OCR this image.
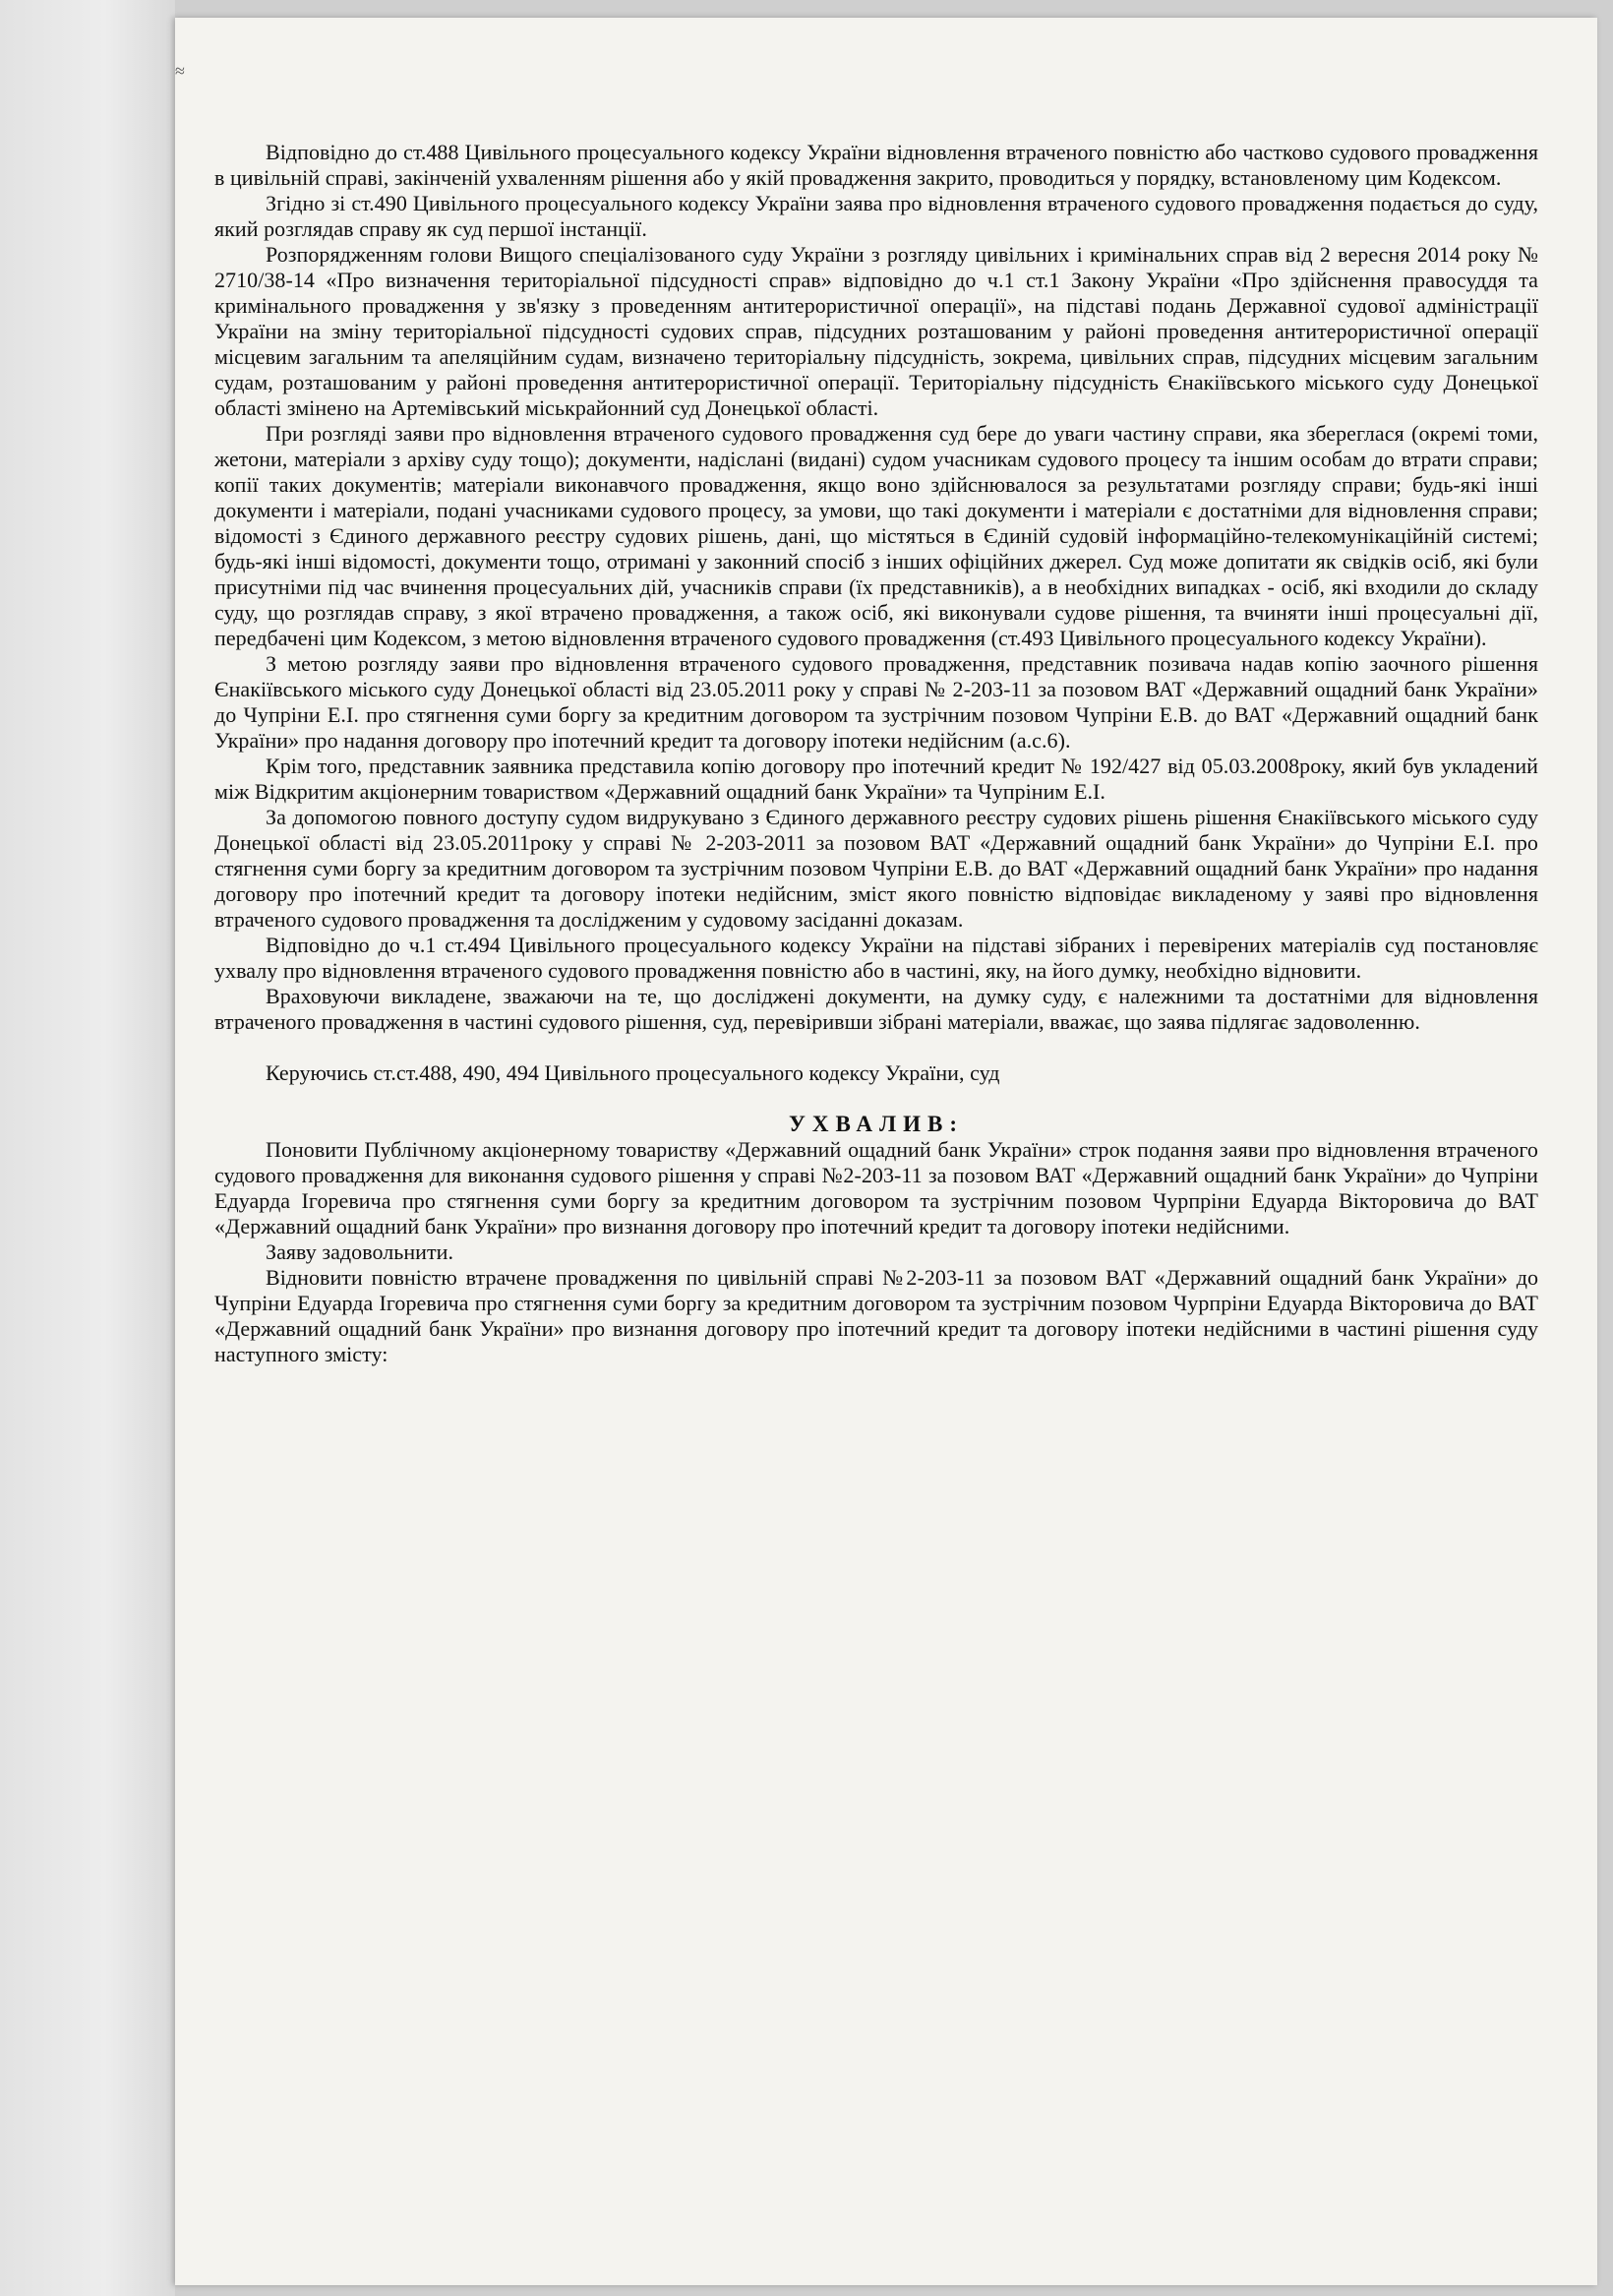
≈

Відповідно до ст.488 Цивільного процесуального кодексу України відновлення втраченого повністю або частково судового провадження в цивільній справі, закінченій ухваленням рішення або у якій провадження закрито, проводиться у порядку, встановленому цим Кодексом.

Згідно зі ст.490 Цивільного процесуального кодексу України заява про відновлення втраченого судового провадження подається до суду, який розглядав справу як суд першої інстанції.

Розпорядженням голови Вищого спеціалізованого суду України з розгляду цивільних і кримінальних справ від 2 вересня 2014 року № 2710/38-14 «Про визначення територіальної підсудності справ» відповідно до ч.1 ст.1 Закону України «Про здійснення правосуддя та кримінального провадження у зв'язку з проведенням антитерористичної операції», на підставі подань Державної судової адміністрації України на зміну територіальної підсудності судових справ, підсудних розташованим у районі проведення антитерористичної операції місцевим загальним та апеляційним судам, визначено територіальну підсудність, зокрема, цивільних справ, підсудних місцевим загальним судам, розташованим у районі проведення антитерористичної операції. Територіальну підсудність Єнакіївського міського суду Донецької області змінено на Артемівський міськрайонний суд Донецької області.

При розгляді заяви про відновлення втраченого судового провадження суд бере до уваги частину справи, яка збереглася (окремі томи, жетони, матеріали з архіву суду тощо); документи, надіслані (видані) судом учасникам судового процесу та іншим особам до втрати справи; копії таких документів; матеріали виконавчого провадження, якщо воно здійснювалося за результатами розгляду справи; будь-які інші документи і матеріали, подані учасниками судового процесу, за умови, що такі документи і матеріали є достатніми для відновлення справи; відомості з Єдиного державного реєстру судових рішень, дані, що містяться в Єдиній судовій інформаційно-телекомунікаційній системі; будь-які інші відомості, документи тощо, отримані у законний спосіб з інших офіційних джерел. Суд може допитати як свідків осіб, які були присутніми під час вчинення процесуальних дій, учасників справи (їх представників), а в необхідних випадках - осіб, які входили до складу суду, що розглядав справу, з якої втрачено провадження, а також осіб, які виконували судове рішення, та вчиняти інші процесуальні дії, передбачені цим Кодексом, з метою відновлення втраченого судового провадження (ст.493 Цивільного процесуального кодексу України).

З метою розгляду заяви про відновлення втраченого судового провадження, представник позивача надав копію заочного рішення Єнакіївського міського суду Донецької області від 23.05.2011 року у справі № 2-203-11 за позовом ВАТ «Державний ощадний банк України» до Чупріни Е.І. про стягнення суми боргу за кредитним договором та зустрічним позовом Чупріни Е.В. до ВАТ «Державний ощадний банк України» про надання договору про іпотечний кредит та договору іпотеки недійсним (а.с.6).

Крім того, представник заявника представила копію договору про іпотечний кредит № 192/427 від 05.03.2008року, який був укладений між Відкритим акціонерним товариством «Державний ощадний банк України» та Чупріним Е.І.

За допомогою повного доступу судом видрукувано з Єдиного державного реєстру судових рішень рішення Єнакіївського міського суду Донецької області від 23.05.2011року у справі № 2-203-2011 за позовом ВАТ «Державний ощадний банк України» до Чупріни Е.І. про стягнення суми боргу за кредитним договором та зустрічним позовом Чупріни Е.В. до ВАТ «Державний ощадний банк України» про надання договору про іпотечний кредит та договору іпотеки недійсним, зміст якого повністю відповідає викладеному у заяві про відновлення втраченого судового провадження та дослідженим у судовому засіданні доказам.

Відповідно до ч.1 ст.494 Цивільного процесуального кодексу України на підставі зібраних і перевірених матеріалів суд постановляє ухвалу про відновлення втраченого судового провадження повністю або в частині, яку, на його думку, необхідно відновити.

Враховуючи викладене, зважаючи на те, що досліджені документи, на думку суду, є належними та достатніми для відновлення втраченого провадження в частині судового рішення, суд, перевіривши зібрані матеріали, вважає, що заява підлягає задоволенню.

Керуючись ст.ст.488, 490, 494 Цивільного процесуального кодексу України, суд

УХВАЛИВ:

Поновити Публічному акціонерному товариству «Державний ощадний банк України» строк подання заяви про відновлення втраченого судового провадження для виконання судового рішення у справі №2-203-11 за позовом ВАТ «Державний ощадний банк України» до Чупріни Едуарда Ігоревича про стягнення суми боргу за кредитним договором та зустрічним позовом Чурпріни Едуарда Вікторовича до ВАТ «Державний ощадний банк України» про визнання договору про іпотечний кредит та договору іпотеки недійсними.

Заяву задовольнити.

Відновити повністю втрачене провадження по цивільній справі №2-203-11 за позовом ВАТ «Державний ощадний банк України» до Чупріни Едуарда Ігоревича про стягнення суми боргу за кредитним договором та зустрічним позовом Чурпріни Едуарда Вікторовича до ВАТ «Державний ощадний банк України» про визнання договору про іпотечний кредит та договору іпотеки недійсними в частині рішення суду наступного змісту:
